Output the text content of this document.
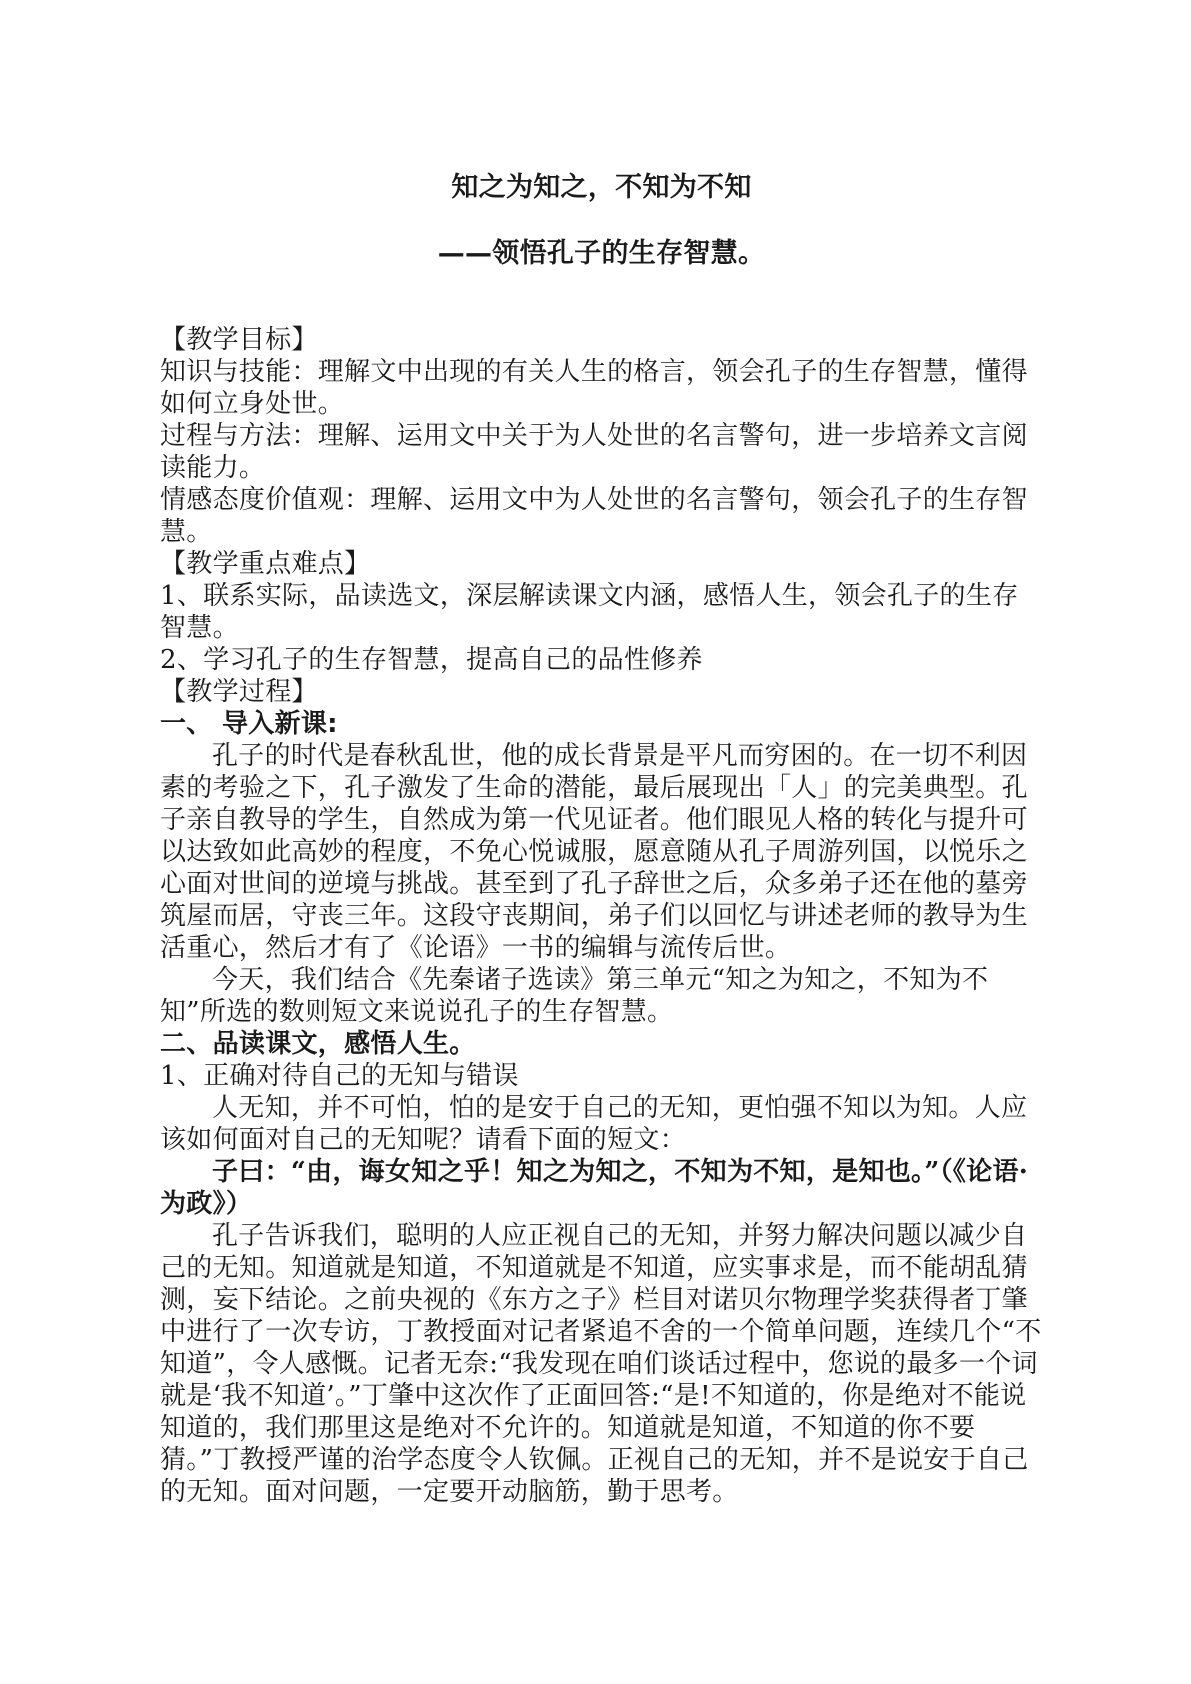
知之为知之，不知为不知
——领悟孔子的生存智慧。

【教学目标】

知识与技能：理解文中出现的有关人生的格言，领会孔子的生存智慧，懂得如何立身处世。

过程与方法：理解、运用文中关于为人处世的名言警句，进一步培养文言阅读能力。

情感态度价值观：理解、运用文中为人处世的名言警句，领会孔子的生存智慧。

【教学重点难点】

1、联系实际，品读选文，深层解读课文内涵，感悟人生，领会孔子的生存智慧。

2、学习孔子的生存智慧，提高自己的品性修养

【教学过程】

一、 导入新课:

孔子的时代是春秋乱世，他的成长背景是平凡而穷困的。在一切不利因素的考验之下，孔子激发了生命的潜能，最后展现出「人」的完美典型。孔子亲自教导的学生，自然成为第一代见证者。他们眼见人格的转化与提升可以达致如此高妙的程度，不免心悦诚服，愿意随从孔子周游列国，以悦乐之心面对世间的逆境与挑战。甚至到了孔子辞世之后，众多弟子还在他的墓旁筑屋而居，守丧三年。这段守丧期间，弟子们以回忆与讲述老师的教导为生活重心，然后才有了《论语》一书的编辑与流传后世。

今天，我们结合《先秦诸子选读》第三单元“知之为知之，不知为不知”所选的数则短文来说说孔子的生存智慧。

二、品读课文，感悟人生。

1、正确对待自己的无知与错误

人无知，并不可怕，怕的是安于自己的无知，更怕强不知以为知。人应该如何面对自己的无知呢？请看下面的短文：

子曰：“由，诲女知之乎！知之为知之，不知为不知，是知也。”（《论语·为政》）

孔子告诉我们，聪明的人应正视自己的无知，并努力解决问题以减少自己的无知。知道就是知道，不知道就是不知道，应实事求是，而不能胡乱猜测，妄下结论。之前央视的《东方之子》栏目对诺贝尔物理学奖获得者丁肇中进行了一次专访，丁教授面对记者紧追不舍的一个简单问题，连续几个“不知道”，令人感慨。记者无奈:“我发现在咱们谈话过程中，您说的最多一个词就是‘我不知道’。”丁肇中这次作了正面回答:“是!不知道的，你是绝对不能说知道的，我们那里这是绝对不允许的。知道就是知道，不知道的你不要猜。”丁教授严谨的治学态度令人钦佩。正视自己的无知，并不是说安于自己的无知。面对问题，一定要开动脑筋，勤于思考。
